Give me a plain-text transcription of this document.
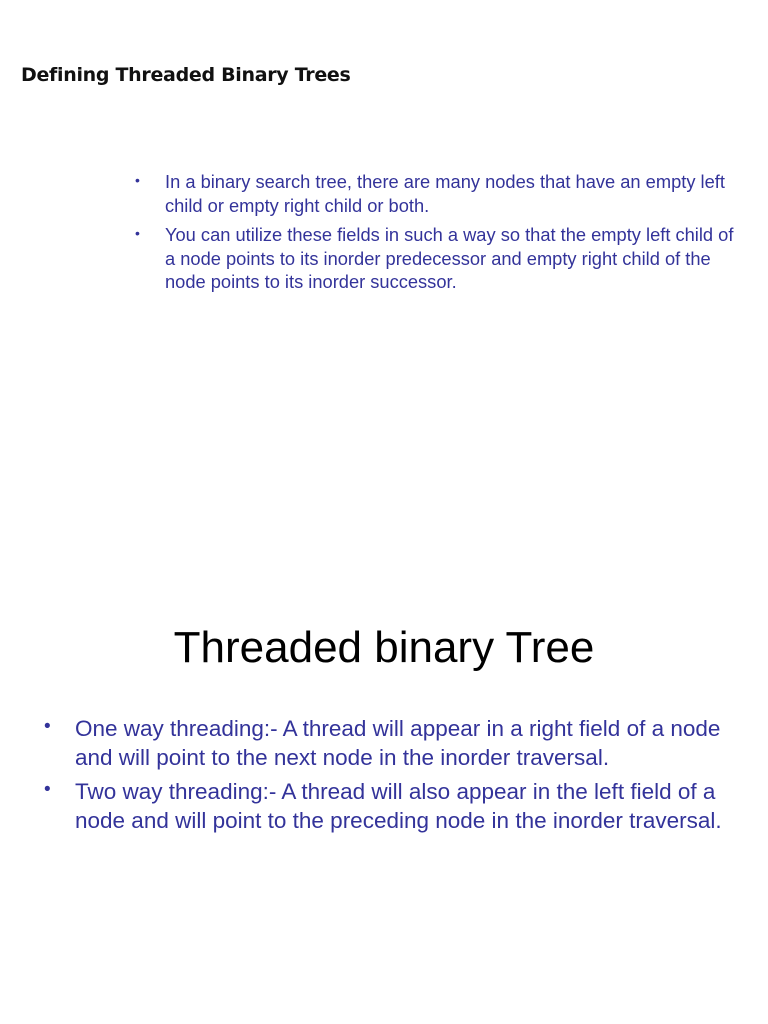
Defining Threaded Binary Trees
• In a binary search tree, there are many nodes that have an empty left child or empty right child or both.
• You can utilize these fields in such a way so that the empty left child of a node points to its inorder predecessor and empty right child of the node points to its inorder successor.
Threaded binary Tree
• One way threading:- A thread will appear in a right field of a node and will point to the next node in the inorder traversal.
• Two way threading:- A thread will also appear in the left field of a node and will point to the preceding node in the inorder traversal.
